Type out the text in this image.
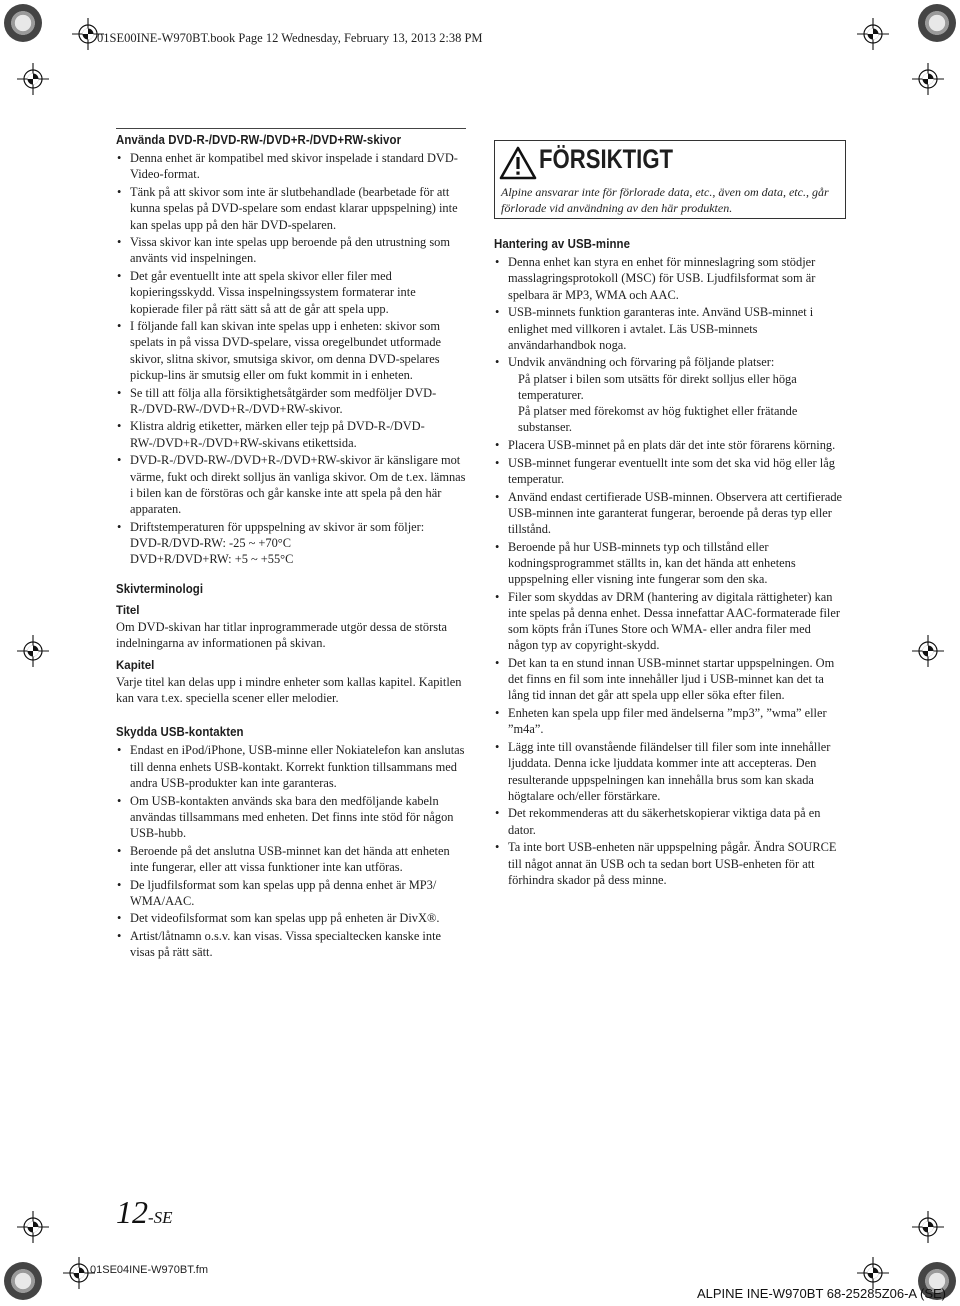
01SE00INE-W970BT.book Page 12 Wednesday, February 13, 2013 2:38 PM
Använda DVD-R-/DVD-RW-/DVD+R-/DVD+RW-skivor
• Denna enhet är kompatibel med skivor inspelade i standard DVD-Video-format.
• Tänk på att skivor som inte är slutbehandlade (bearbetade för att kunna spelas på DVD-spelare som endast klarar uppspelning) inte kan spelas upp på den här DVD-spelaren.
• Vissa skivor kan inte spelas upp beroende på den utrustning som använts vid inspelningen.
• Det går eventuellt inte att spela skivor eller filer med kopieringsskydd. Vissa inspelningssystem formaterar inte kopierade filer på rätt sätt så att de går att spela upp.
• I följande fall kan skivan inte spelas upp i enheten: skivor som spelats in på vissa DVD-spelare, vissa oregelbundet utformade skivor, slitna skivor, smutsiga skivor, om denna DVD-spelares pickup-lins är smutsig eller om fukt kommit in i enheten.
• Se till att följa alla försiktighetsåtgärder som medföljer DVD-R-/DVD-RW-/DVD+R-/DVD+RW-skivor.
• Klistra aldrig etiketter, märken eller tejp på DVD-R-/DVD-RW-/DVD+R-/DVD+RW-skivans etikettsida.
• DVD-R-/DVD-RW-/DVD+R-/DVD+RW-skivor är känsligare mot värme, fukt och direkt solljus än vanliga skivor. Om de t.ex. lämnas i bilen kan de förstöras och går kanske inte att spela på den här apparaten.
• Driftstemperaturen för uppspelning av skivor är som följer:
DVD-R/DVD-RW: -25 ~ +70°C
DVD+R/DVD+RW: +5 ~ +55°C
Skivterminologi
Titel

Om DVD-skivan har titlar inprogrammerade utgör dessa de största indelningarna av informationen på skivan.

Kapitel

Varje titel kan delas upp i mindre enheter som kallas kapitel. Kapitlen kan vara t.ex. speciella scener eller melodier.

Skydda USB-kontakten
• Endast en iPod/iPhone, USB-minne eller Nokiatelefon kan anslutas till denna enhets USB-kontakt. Korrekt funktion tillsammans med andra USB-produkter kan inte garanteras.
• Om USB-kontakten används ska bara den medföljande kabeln användas tillsammans med enheten. Det finns inte stöd för någon USB-hubb.
• Beroende på det anslutna USB-minnet kan det hända att enheten inte fungerar, eller att vissa funktioner inte kan utföras.
• De ljudfilsformat som kan spelas upp på denna enhet är MP3/ WMA/AAC.
• Det videofilsformat som kan spelas upp på enheten är DivX®.
• Artist/låtnamn o.s.v. kan visas. Vissa specialtecken kanske inte visas på rätt sätt.
FÖRSIKTIGT
Alpine ansvarar inte för förlorade data, etc., även om data, etc., går förlorade vid användning av den här produkten.
Hantering av USB-minne
• Denna enhet kan styra en enhet för minneslagring som stödjer masslagringsprotokoll (MSC) för USB. Ljudfilsformat som är spelbara är MP3, WMA och AAC.
• USB-minnets funktion garanteras inte. Använd USB-minnet i enlighet med villkoren i avtalet. Läs USB-minnets användarhandbok noga.
• Undvik användning och förvaring på följande platser:
På platser i bilen som utsätts för direkt solljus eller höga temperaturer.
På platser med förekomst av hög fuktighet eller frätande substanser.
• Placera USB-minnet på en plats där det inte stör förarens körning.
• USB-minnet fungerar eventuellt inte som det ska vid hög eller låg temperatur.
• Använd endast certifierade USB-minnen. Observera att certifierade USB-minnen inte garanterat fungerar, beroende på deras typ eller tillstånd.
• Beroende på hur USB-minnets typ och tillstånd eller kodningsprogrammet ställts in, kan det hända att enhetens uppspelning eller visning inte fungerar som den ska.
• Filer som skyddas av DRM (hantering av digitala rättigheter) kan inte spelas på denna enhet. Dessa innefattar AAC-formaterade filer som köpts från iTunes Store och WMA- eller andra filer med någon typ av copyright-skydd.
• Det kan ta en stund innan USB-minnet startar uppspelningen. Om det finns en fil som inte innehåller ljud i USB-minnet kan det ta lång tid innan det går att spela upp eller söka efter filen.
• Enheten kan spela upp filer med ändelserna ”mp3”, ”wma” eller ”m4a”.
• Lägg inte till ovanstående filändelser till filer som inte innehåller ljuddata. Denna icke ljuddata kommer inte att accepteras. Den resulterande uppspelningen kan innehålla brus som kan skada högtalare och/eller förstärkare.
• Det rekommenderas att du säkerhetskopierar viktiga data på en dator.
• Ta inte bort USB-enheten när uppspelning pågår. Ändra SOURCE till något annat än USB och ta sedan bort USB-enheten för att förhindra skador på dess minne.
12-SE
01SE04INE-W970BT.fm
ALPINE INE-W970BT 68-25285Z06-A (SE)
